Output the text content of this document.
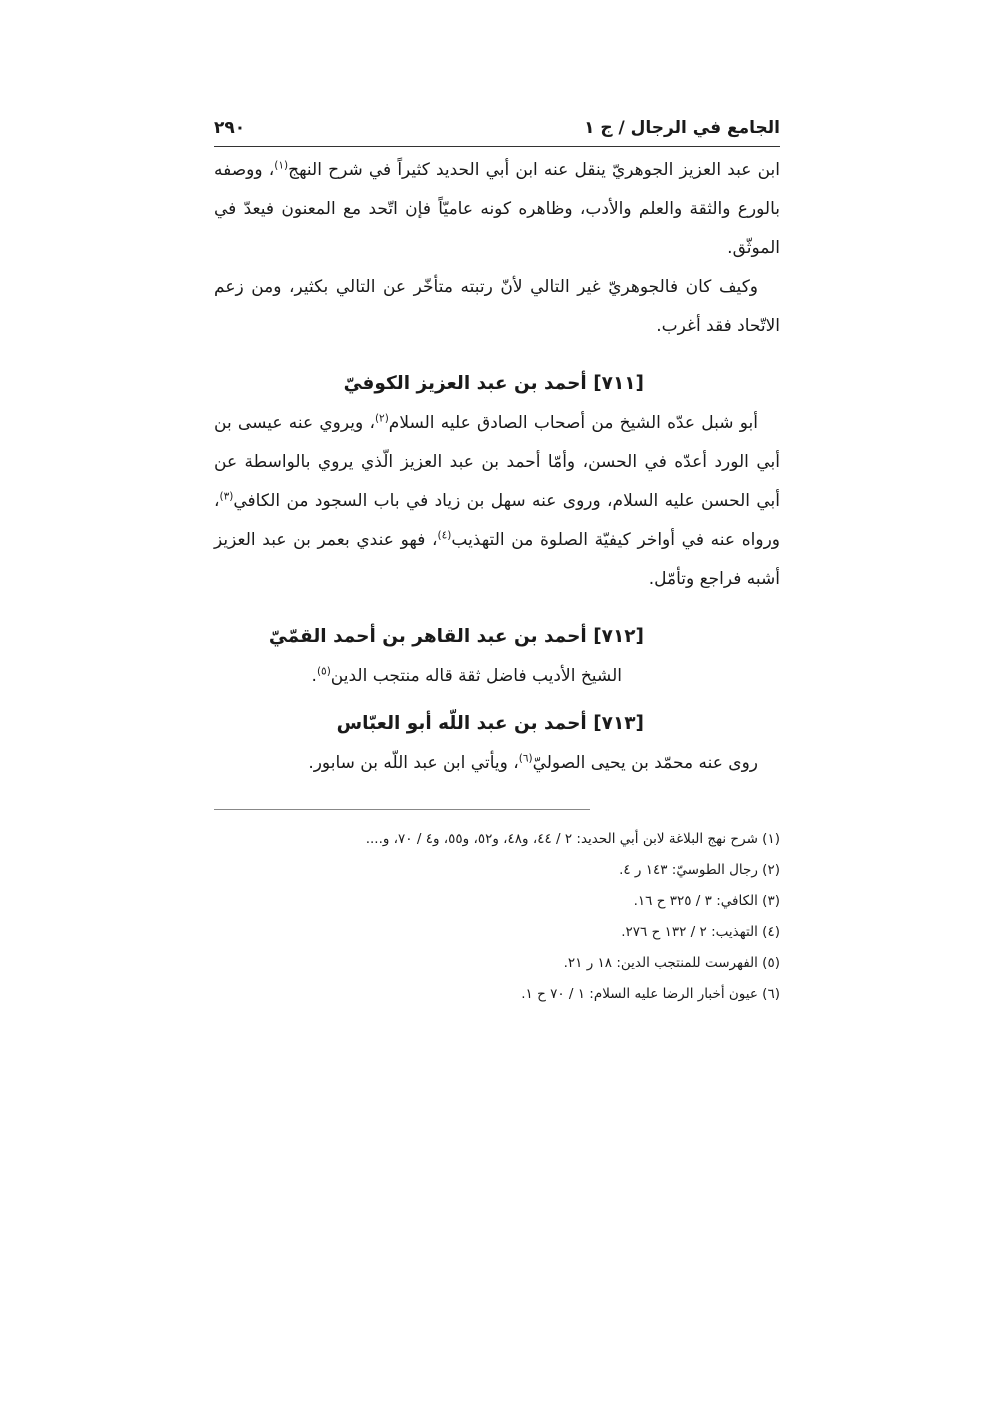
الجامع في الرجال / ج ١
٢٩٠

ابن عبد العزيز الجوهريّ ينقل عنه ابن أبي الحديد كثيراً في شرح النهج$^{(١)}$، ووصفه بالورع والثقة والعلم والأدب، وظاهره كونه عاميّاً فإن اتّحد مع المعنون فيعدّ في الموثّق.

وكيف كان فالجوهريّ غير التالي لأنّ رتبته متأخّر عن التالي بكثير، ومن زعم الاتّحاد فقد أغرب.

[٧١١] أحمد بن عبد العزيز الكوفيّ

أبو شبل عدّه الشيخ من أصحاب الصادق عليه السلام$^{(٢)}$، ويروي عنه عيسى بن أبي الورد أعدّه في الحسن، وأمّا أحمد بن عبد العزيز الّذي يروي بالواسطة عن أبي الحسن عليه السلام، وروى عنه سهل بن زياد في باب السجود من الكافي$^{(٣)}$، ورواه عنه في أواخر كيفيّة الصلوة من التهذيب$^{(٤)}$، فهو عندي بعمر بن عبد العزيز أشبه فراجع وتأمّل.

[٧١٢] أحمد بن عبد القاهر بن أحمد القمّيّ

الشيخ الأديب فاضل ثقة قاله منتجب الدين$^{(٥)}$.

[٧١٣] أحمد بن عبد اللّه أبو العبّاس

روى عنه محمّد بن يحيى الصوليّ$^{(٦)}$، ويأتي ابن عبد اللّه بن سابور.

(١) شرح نهج البلاغة لابن أبي الحديد: ٢ / ٤٤، و٤٨، و٥٢، و٥٥، و٤ / ٧٠، و....
(٢) رجال الطوسيّ: ١٤٣ ر ٤.
(٣) الكافي: ٣ / ٣٢٥ ح ١٦.
(٤) التهذيب: ٢ / ١٣٢ ح ٢٧٦.
(٥) الفهرست للمنتجب الدين: ١٨ ر ٢١.
(٦) عيون أخبار الرضا عليه السلام: ١ / ٧٠ ح ١.
